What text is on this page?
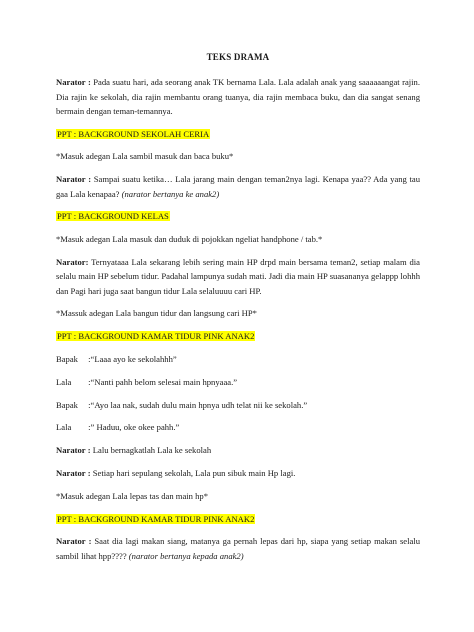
TEKS DRAMA

Narator : Pada suatu hari, ada seorang anak TK bernama Lala. Lala adalah anak yang saaaaaangat rajin. Dia rajin ke sekolah, dia rajin membantu orang tuanya, dia rajin membaca buku, dan dia sangat senang bermain dengan teman-temannya.

PPT : BACKGROUND SEKOLAH CERIA

*Masuk adegan Lala sambil masuk dan baca buku*

Narator : Sampai suatu ketika… Lala jarang main dengan teman2nya lagi. Kenapa yaa?? Ada yang tau gaa Lala kenapaa? (narator bertanya ke anak2)

PPT : BACKGROUND KELAS

*Masuk adegan Lala masuk dan duduk di pojokkan ngeliat handphone / tab.*

Narator: Ternyataaa Lala sekarang lebih sering main HP drpd main bersama teman2, setiap malam dia selalu main HP sebelum tidur. Padahal lampunya sudah mati. Jadi dia main HP suasananya gelappp lohhh dan Pagi hari juga saat bangun tidur Lala selaluuuu cari HP.

*Massuk adegan Lala bangun tidur dan langsung cari HP*

PPT : BACKGROUND KAMAR TIDUR PINK ANAK2

Bapak :“Laaa ayo ke sekolahhh”

Lala :“Nanti pahh belom selesai main hpnyaaa.”

Bapak :“Ayo laa nak, sudah dulu main hpnya udh telat nii ke sekolah.”

Lala :” Haduu, oke okee pahh.”

Narator : Lalu bernagkatlah Lala ke sekolah

Narator : Setiap hari sepulang sekolah, Lala pun sibuk main Hp lagi.

*Masuk adegan Lala lepas tas dan main hp*

PPT : BACKGROUND KAMAR TIDUR PINK ANAK2

Narator : Saat dia lagi makan siang, matanya ga pernah lepas dari hp, siapa yang setiap makan selalu sambil lihat hpp???? (narator bertanya kepada anak2)
